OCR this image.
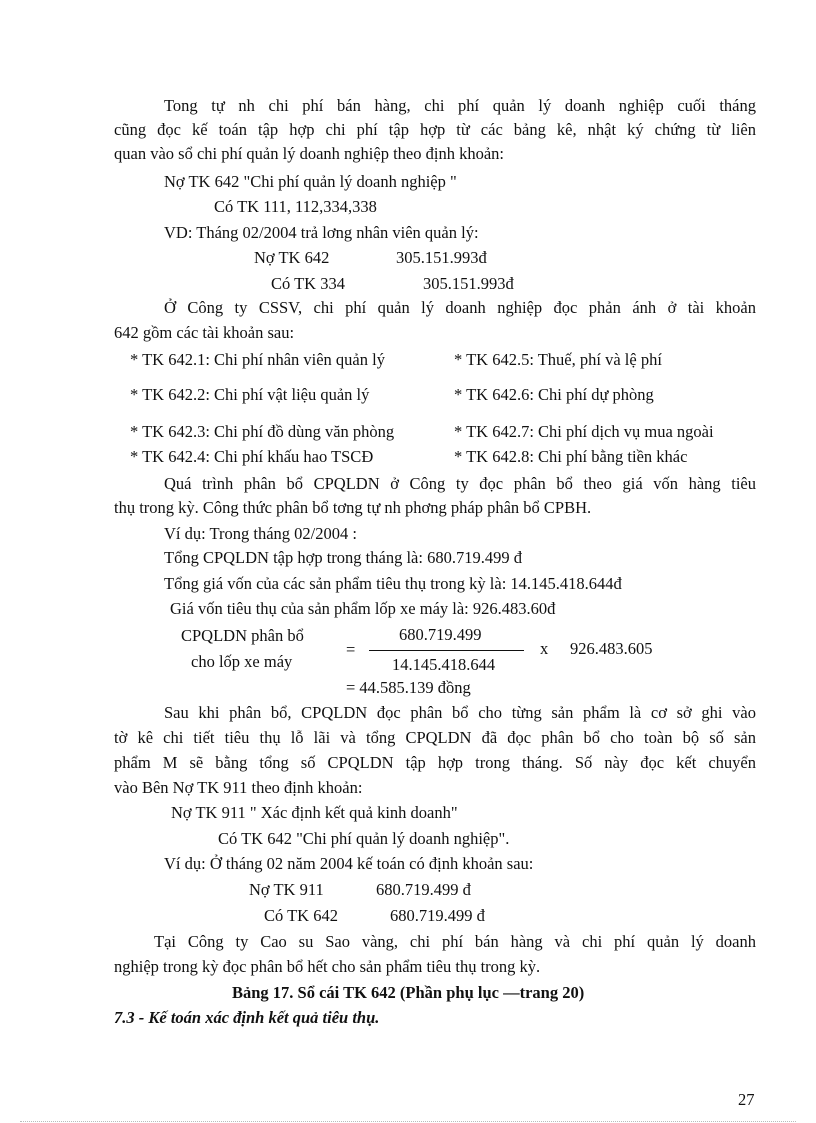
Tong tự nh chi phí bán hàng, chi phí quản lý doanh nghiệp cuối tháng
cũng đọc kế toán tập hợp chi phí tập hợp từ các bảng kê, nhật ký chứng từ liên
quan vào sổ chi phí quản lý doanh nghiệp theo định khoản:
Nợ TK 642 "Chi phí quản lý doanh nghiệp "
Có TK 111, 112,334,338
VD: Tháng 02/2004 trả lơng nhân viên quản lý:
Nợ TK 642	305.151.993đ
Có TK 334	305.151.993đ
Ở Công ty CSSV, chi phí quản lý doanh nghiệp đọc phản ánh ở tài khoản
642 gồm các tài khoản sau:
* TK 642.1: Chi phí nhân viên quản lý	* TK 642.5: Thuế, phí và lệ phí
* TK 642.2: Chi phí vật liệu quản lý	* TK 642.6: Chi phí dự phòng
* TK 642.3: Chi phí đồ dùng văn phòng	* TK 642.7: Chi phí dịch vụ mua ngoài
* TK 642.4: Chi phí khấu hao TSCĐ	* TK 642.8: Chi phí bằng tiền khác
Quá trình phân bổ CPQLDN ở Công ty đọc phân bổ theo giá vốn hàng tiêu
thụ trong kỳ. Công thức phân bổ tơng tự nh phơng pháp phân bổ CPBH.
Ví dụ: Trong tháng 02/2004 :
Tổng CPQLDN tập hợp trong tháng là: 680.719.499 đ
Tổng giá vốn của các sản phẩm tiêu thụ trong kỳ là: 14.145.418.644đ
Giá vốn tiêu thụ của sản phẩm lốp xe máy là: 926.483.60đ
CPQLDN phân bổ
cho lốp xe máy
=
680.719.499
14.145.418.644
x 926.483.605
= 44.585.139 đồng
Sau khi phân bổ, CPQLDN đọc phân bổ cho từng sản phẩm là cơ sở ghi vào
tờ kê chi tiết tiêu thụ lỗ lãi và tổng CPQLDN đã đọc phân bổ cho toàn bộ số sản
phẩm M sẽ bằng tổng số CPQLDN tập hợp trong tháng. Số này đọc kết chuyển
vào Bên Nợ TK 911 theo định khoản:
Nợ TK 911 " Xác định kết quả kinh doanh"
Có TK 642 "Chi phí quản lý doanh nghiệp".
Ví dụ: Ở tháng 02 năm 2004 kế toán có định khoản sau:
Nợ TK 911	680.719.499 đ
Có TK 642	680.719.499 đ
Tại Công ty Cao su Sao vàng, chi phí bán hàng và chi phí quản lý doanh
nghiệp trong kỳ đọc phân bổ hết cho sản phẩm tiêu thụ trong kỳ.
Bảng 17. Sổ cái TK 642 (Phần phụ lục —trang 20)
7.3 - Kế toán xác định kết quả tiêu thụ.
27
